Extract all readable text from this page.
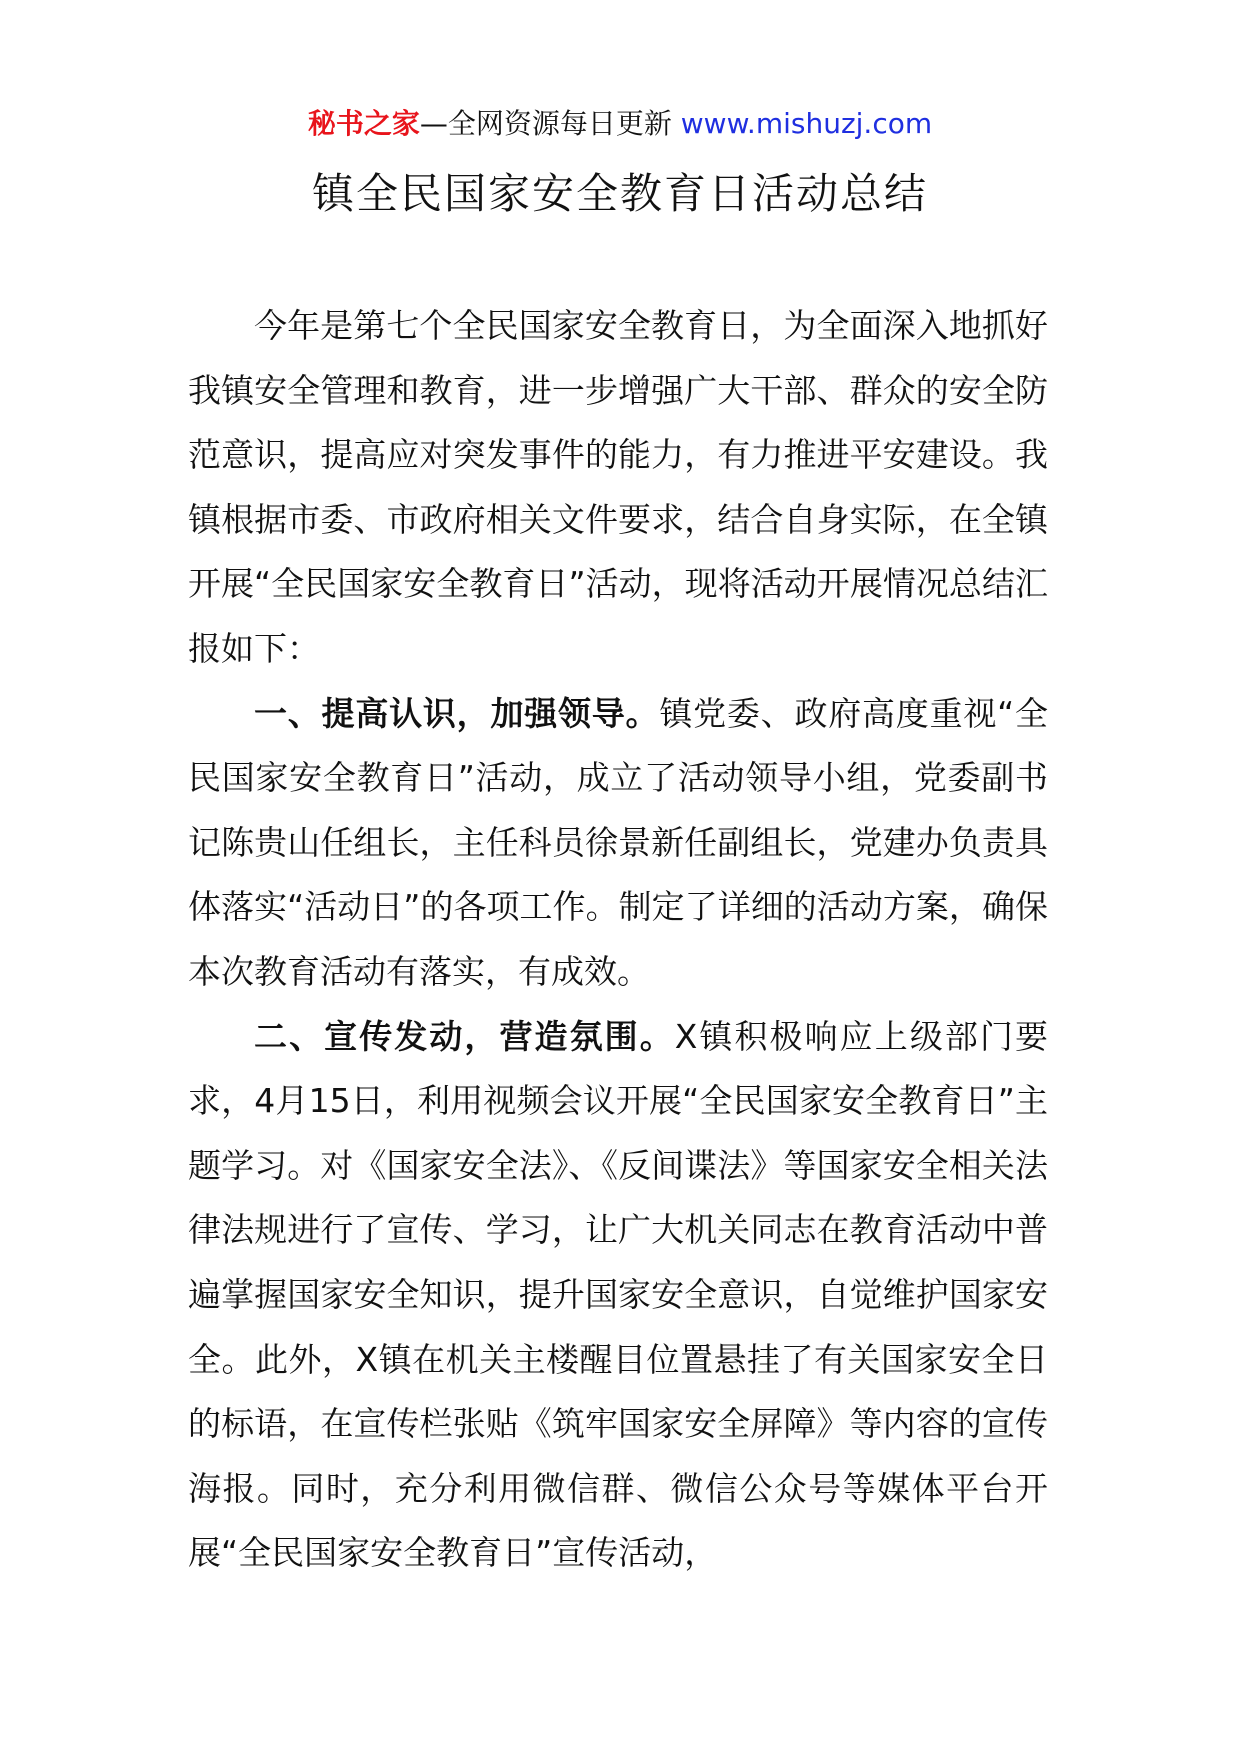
秘书之家—全网资源每日更新 www.mishuzj.com
镇全民国家安全教育日活动总结

今年是第七个全民国家安全教育日，为全面深入地抓好我镇安全管理和教育，进一步增强广大干部、群众的安全防范意识，提高应对突发事件的能力，有力推进平安建设。我镇根据市委、市政府相关文件要求，结合自身实际，在全镇开展“全民国家安全教育日”活动，现将活动开展情况总结汇报如下：

一、提高认识，加强领导。镇党委、政府高度重视“全民国家安全教育日”活动，成立了活动领导小组，党委副书记陈贵山任组长，主任科员徐景新任副组长，党建办负责具体落实“活动日”的各项工作。制定了详细的活动方案，确保本次教育活动有落实，有成效。

二、宣传发动，营造氛围。X镇积极响应上级部门要求，4月15日，利用视频会议开展“全民国家安全教育日”主题学习。对《国家安全法》、《反间谍法》等国家安全相关法律法规进行了宣传、学习，让广大机关同志在教育活动中普遍掌握国家安全知识，提升国家安全意识，自觉维护国家安全。此外，X镇在机关主楼醒目位置悬挂了有关国家安全日的标语，在宣传栏张贴《筑牢国家安全屏障》等内容的宣传海报。同时，充分利用微信群、微信公众号等媒体平台开展“全民国家安全教育日”宣传活动，
